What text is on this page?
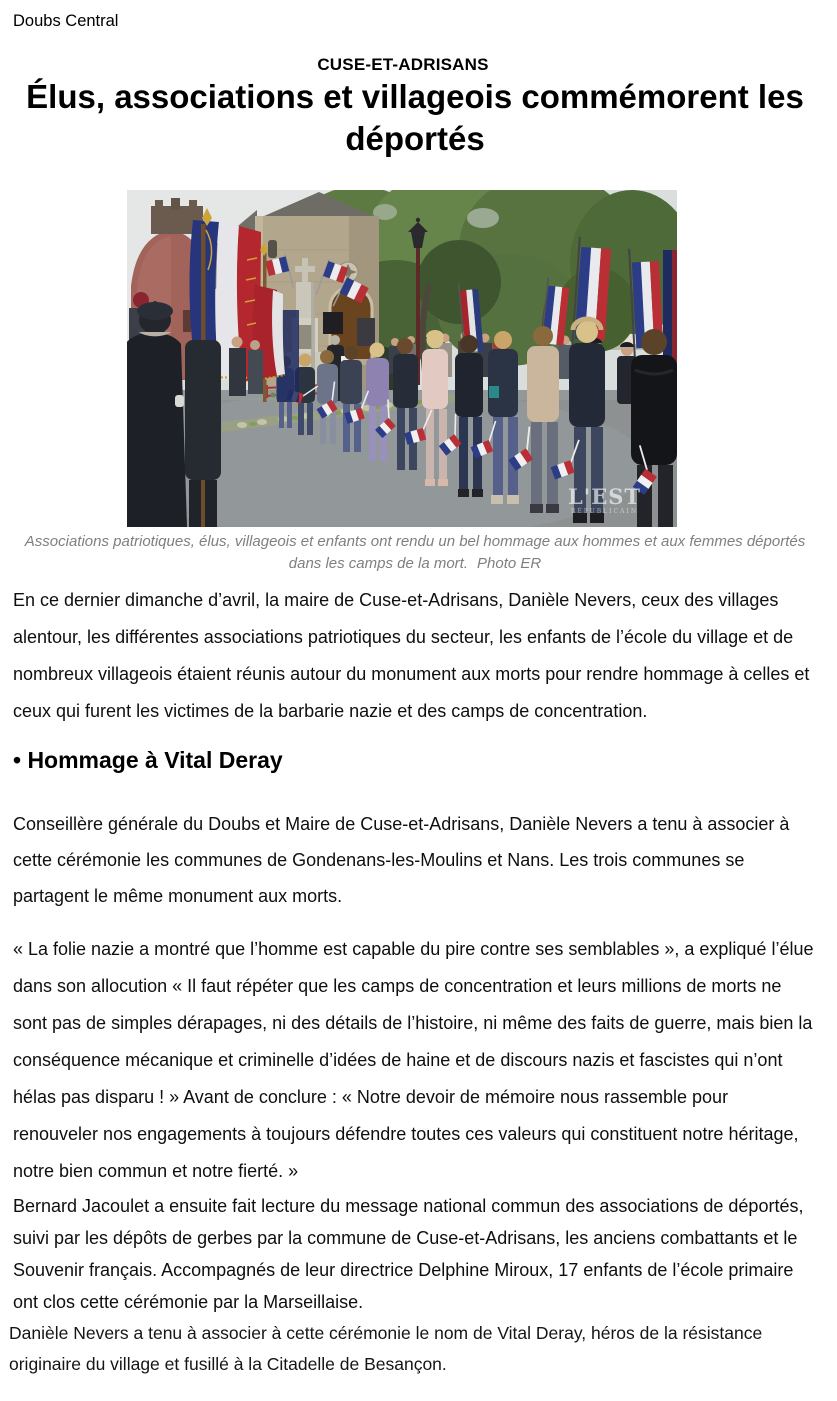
Doubs Central
CUSE-ET-ADRISANS
Élus, associations et villageois commémorent les
déportés
L'EST
RÉPUBLICAIN
Associations patriotiques, élus, villageois et enfants ont rendu un bel hommage aux hommes et aux femmes déportés dans les camps de la mort. Photo ER

En ce dernier dimanche d’avril, la maire de Cuse-et-Adrisans, Danièle Nevers, ceux des villages alentour, les différentes associations patriotiques du secteur, les enfants de l’école du village et de nombreux villageois étaient réunis autour du monument aux morts pour rendre hommage à celles et ceux qui furent les victimes de la barbarie nazie et des camps de concentration.

• Hommage à Vital Deray

Conseillère générale du Doubs et Maire de Cuse-et-Adrisans, Danièle Nevers a tenu à associer à cette cérémonie les communes de Gondenans-les-Moulins et Nans. Les trois communes se partagent le même monument aux morts.

« La folie nazie a montré que l’homme est capable du pire contre ses semblables », a expliqué l’élue dans son allocution « Il faut répéter que les camps de concentration et leurs millions de morts ne sont pas de simples dérapages, ni des détails de l’histoire, ni même des faits de guerre, mais bien la conséquence mécanique et criminelle d’idées de haine et de discours nazis et fascistes qui n’ont hélas pas disparu ! » Avant de conclure : « Notre devoir de mémoire nous rassemble pour renouveler nos engagements à toujours défendre toutes ces valeurs qui constituent notre héritage, notre bien commun et notre fierté. »

Bernard Jacoulet a ensuite fait lecture du message national commun des associations de déportés, suivi par les dépôts de gerbes par la commune de Cuse-et-Adrisans, les anciens combattants et le Souvenir français. Accompagnés de leur directrice Delphine Miroux, 17 enfants de l’école primaire ont clos cette cérémonie par la Marseillaise.

Danièle Nevers a tenu à associer à cette cérémonie le nom de Vital Deray, héros de la résistance originaire du village et fusillé à la Citadelle de Besançon.
